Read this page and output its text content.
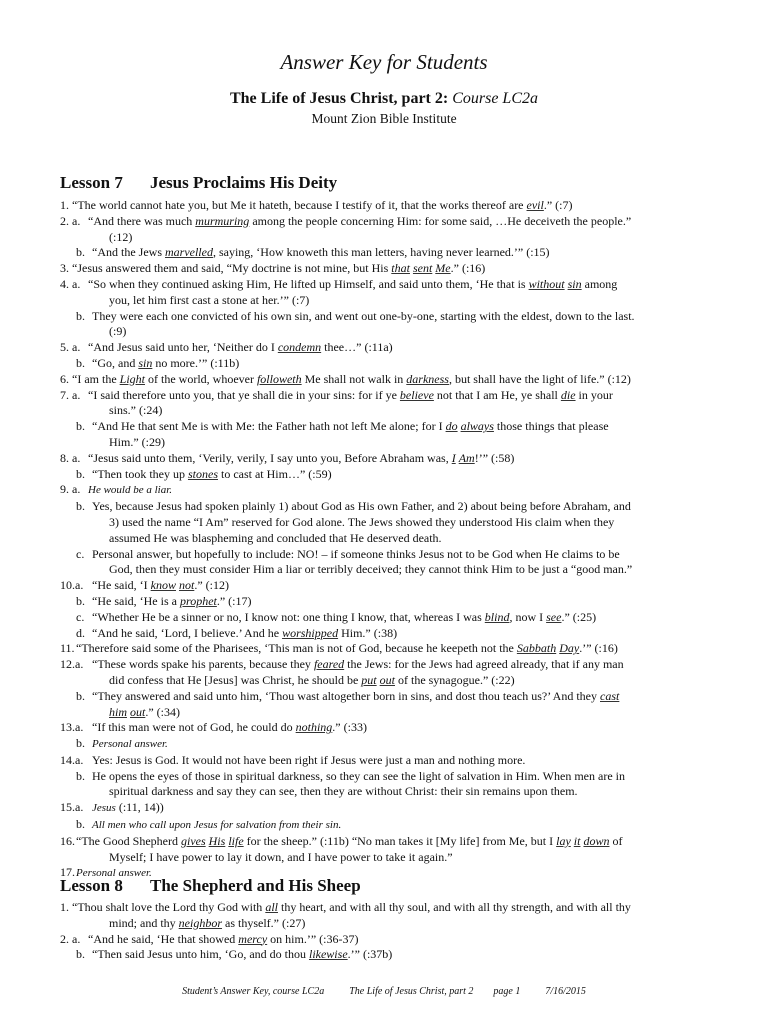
Answer Key for Students
The Life of Jesus Christ, part 2: Course LC2a
Mount Zion Bible Institute
Lesson 7 Jesus Proclaims His Deity
1. “The world cannot hate you, but Me it hateth, because I testify of it, that the works thereof are evil.” (:7)
2. a. “And there was much murmuring among the people concerning Him: for some said, …He deceiveth the people.”
(:12)
b. “And the Jews marvelled, saying, ‘How knoweth this man letters, having never learned.’” (:15)
3. “Jesus answered them and said, “My doctrine is not mine, but His that sent Me.” (:16)
4. a. “So when they continued asking Him, He lifted up Himself, and said unto them, ‘He that is without sin among
you, let him first cast a stone at her.’” (:7)
b. They were each one convicted of his own sin, and went out one-by-one, starting with the eldest, down to the last.
(:9)
5. a. “And Jesus said unto her, ‘Neither do I condemn thee…” (:11a)
b. “Go, and sin no more.’” (:11b)
6. “I am the Light of the world, whoever followeth Me shall not walk in darkness, but shall have the light of life.” (:12)
7. a. “I said therefore unto you, that ye shall die in your sins: for if ye believe not that I am He, ye shall die in your
sins.” (:24)
b. “And He that sent Me is with Me: the Father hath not left Me alone; for I do always those things that please
Him.” (:29)
8. a. “Jesus said unto them, ‘Verily, verily, I say unto you, Before Abraham was, I Am!’” (:58)
b. “Then took they up stones to cast at Him…” (:59)
9. a. He would be a liar.
b. Yes, because Jesus had spoken plainly 1) about God as His own Father, and 2) about being before Abraham, and
3) used the name “I Am” reserved for God alone. The Jews showed they understood His claim when they
assumed He was blaspheming and concluded that He deserved death.
c. Personal answer, but hopefully to include: NO! – if someone thinks Jesus not to be God when He claims to be
God, then they must consider Him a liar or terribly deceived; they cannot think Him to be just a “good man.”
10.a. “He said, ‘I know not.” (:12)
b. “He said, ‘He is a prophet.” (:17)
c. “Whether He be a sinner or no, I know not: one thing I know, that, whereas I was blind, now I see.” (:25)
d. “And he said, ‘Lord, I believe.’ And he worshipped Him.” (:38)
11.“Therefore said some of the Pharisees, ‘This man is not of God, because he keepeth not the Sabbath Day.’” (:16)
12.a. “These words spake his parents, because they feared the Jews: for the Jews had agreed already, that if any man
did confess that He [Jesus] was Christ, he should be put out of the synagogue.” (:22)
b. “They answered and said unto him, ‘Thou wast altogether born in sins, and dost thou teach us?’ And they cast
him out.” (:34)
13.a. “If this man were not of God, he could do nothing.” (:33)
b. Personal answer.
14.a. Yes: Jesus is God. It would not have been right if Jesus were just a man and nothing more.
b. He opens the eyes of those in spiritual darkness, so they can see the light of salvation in Him. When men are in
spiritual darkness and say they can see, then they are without Christ: their sin remains upon them.
15.a. Jesus (:11, 14))
b. All men who call upon Jesus for salvation from their sin.
16.“The Good Shepherd gives His life for the sheep.” (:11b) “No man takes it [My life] from Me, but I lay it down of
Myself; I have power to lay it down, and I have power to take it again.”
17.Personal answer.
Lesson 8 The Shepherd and His Sheep
1. “Thou shalt love the Lord thy God with all thy heart, and with all thy soul, and with all thy strength, and with all thy
mind; and thy neighbor as thyself.” (:27)
2. a. “And he said, ‘He that showed mercy on him.’” (:36-37)
b. “Then said Jesus unto him, ‘Go, and do thou likewise.’” (:37b)
Student’s Answer Key, course LC2a          The Life of Jesus Christ, part 2        page 1          7/16/2015
